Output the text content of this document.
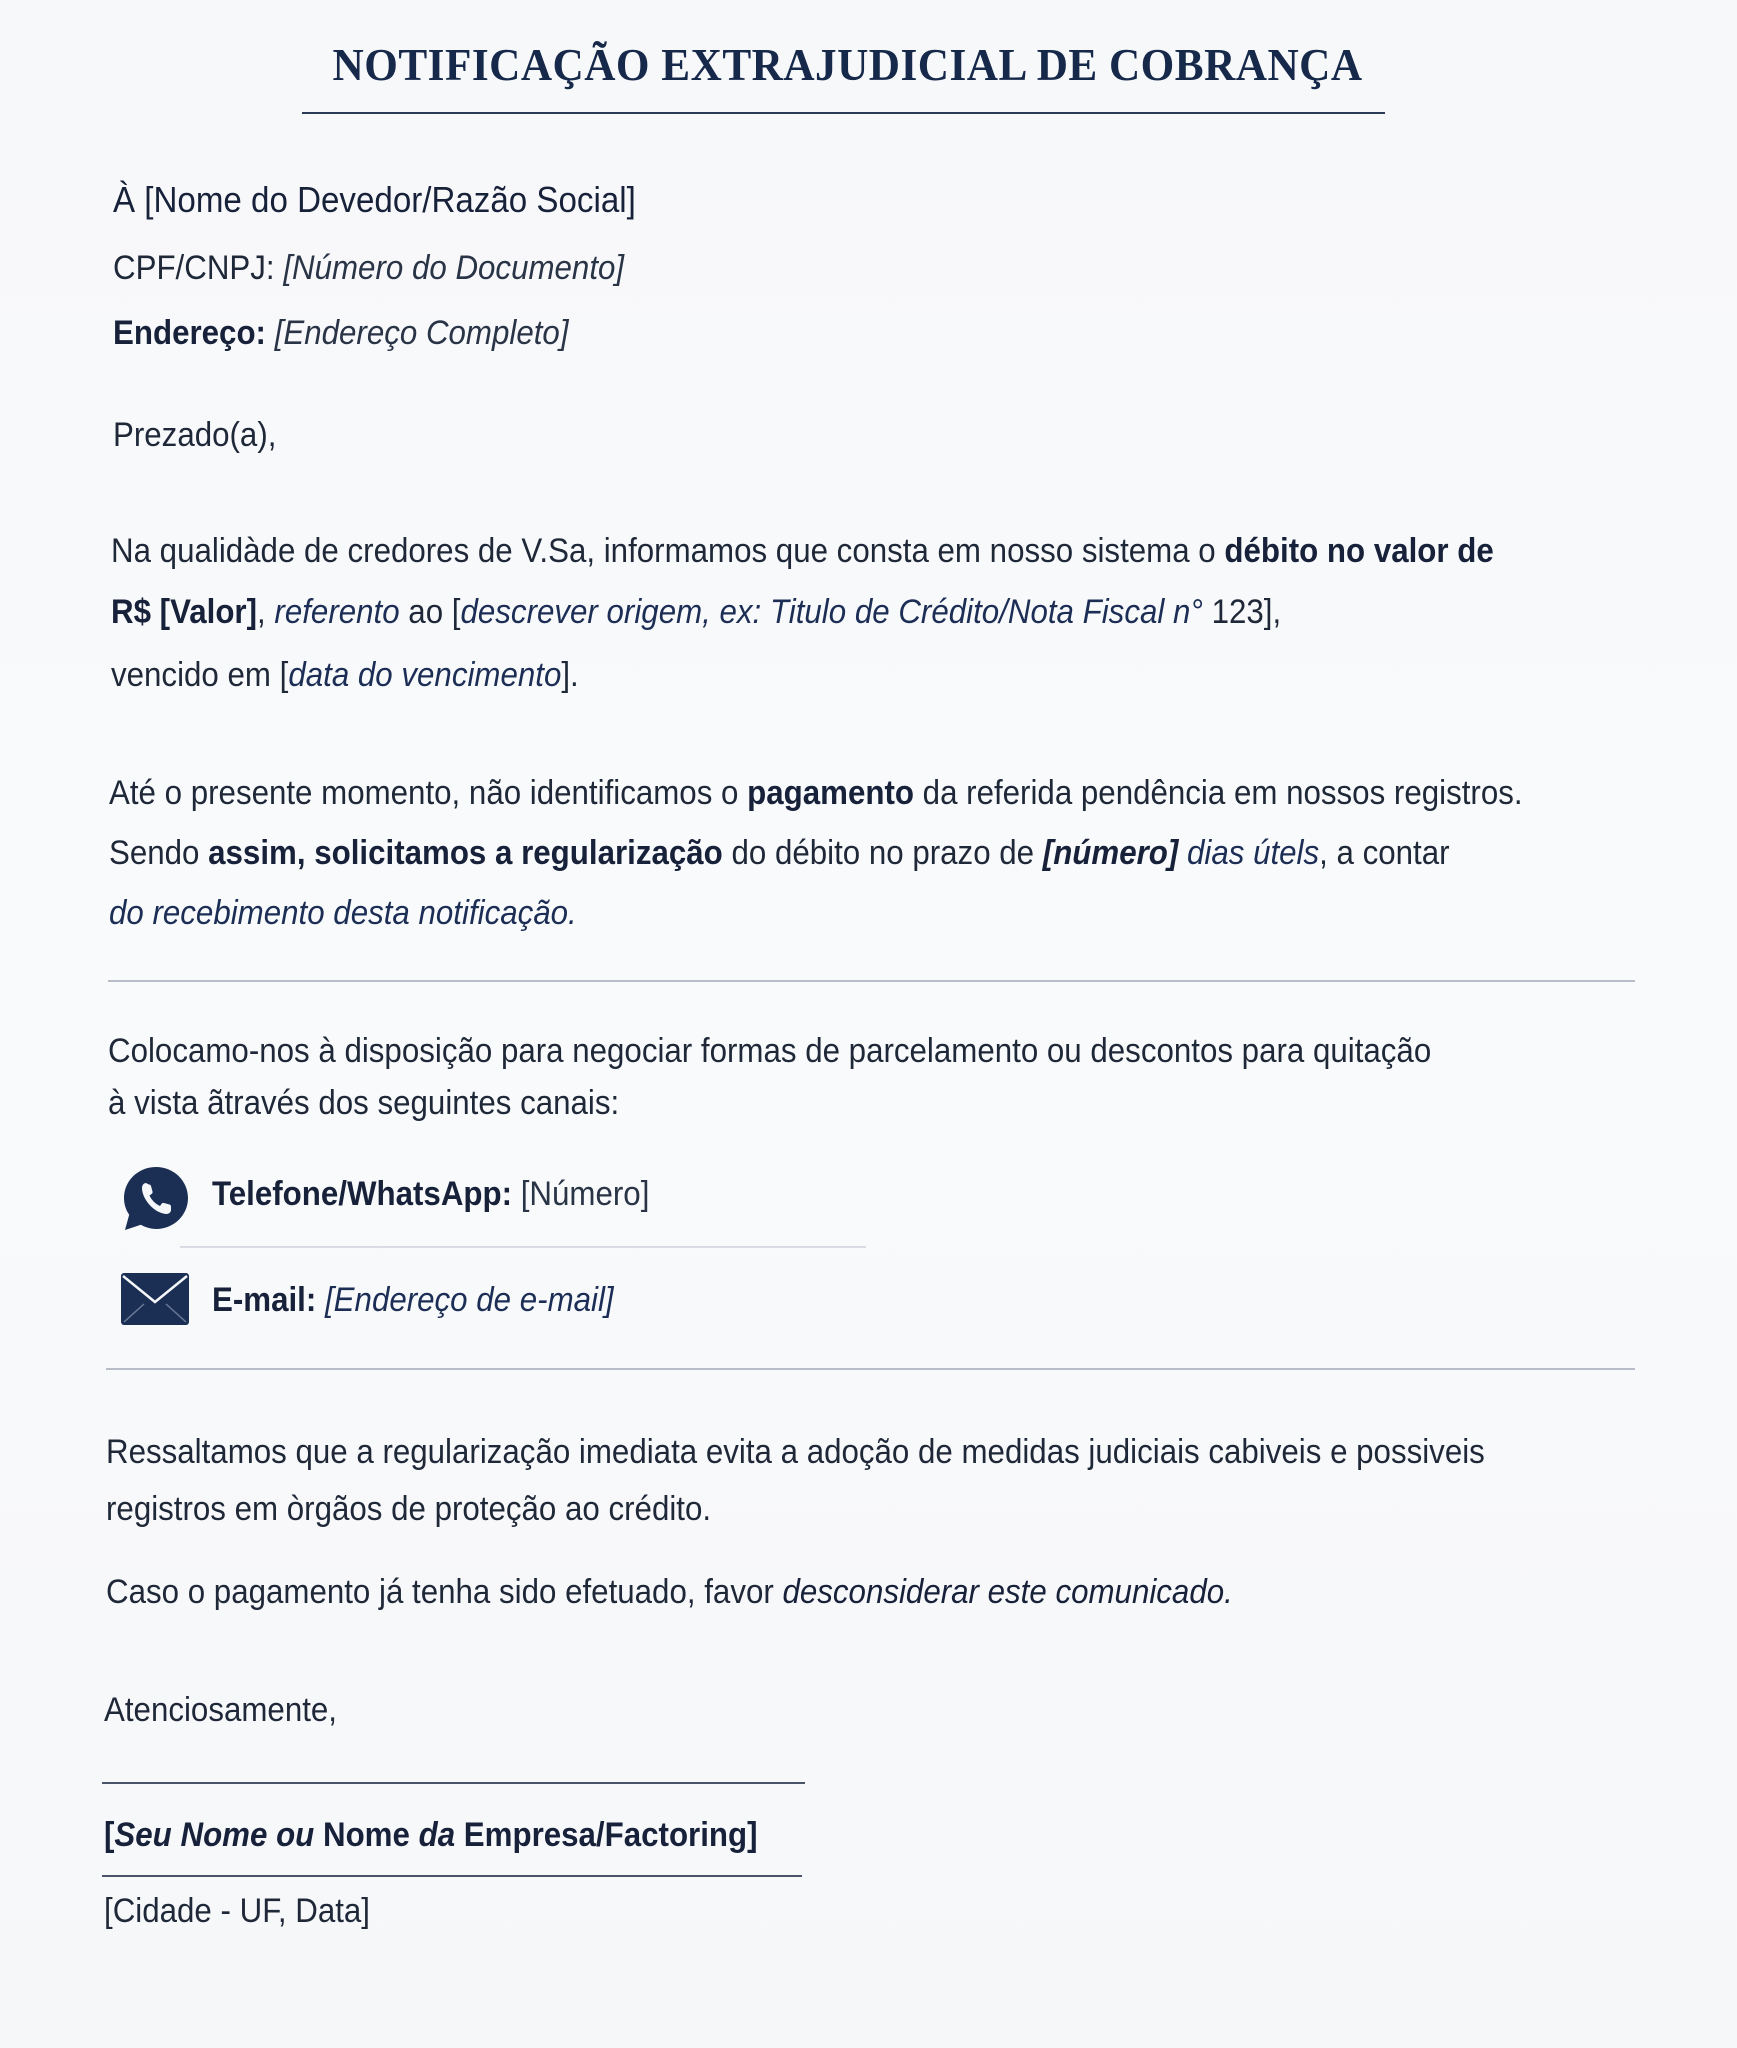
NOTIFICAÇÃO EXTRAJUDICIAL DE COBRANÇA
À [Nome do Devedor/Razão Social]
CPF/CNPJ: [Número do Documento]
Endereço: [Endereço Completo]
Prezado(a),
Na qualidàde de credores de V.Sa, informamos que consta em nosso sistema o débito no valor de
R$ [Valor], referento ao [descrever origem, ex: Titulo de Crédito/Nota Fiscal n° 123],
vencido em [data do vencimento].
Até o presente momento, não identificamos o pagamento da referida pendência em nossos registros.
Sendo assim, solicitamos a regularização do débito no prazo de [número] dias útels, a contar
do recebimento desta notificação.
Colocamo-nos à disposição para negociar formas de parcelamento ou descontos para quitação
à vista ãtravés dos seguintes canais:
Telefone/WhatsApp: [Número]
E-mail: [Endereço de e-mail]
Ressaltamos que a regularização imediata evita a adoção de medidas judiciais cabiveis e possiveis
registros em òrgãos de proteção ao crédito.
Caso o pagamento já tenha sido efetuado, favor desconsiderar este comunicado.
Atenciosamente,
[Seu Nome ou Nome da Empresa/Factoring]
[Cidade - UF, Data]
